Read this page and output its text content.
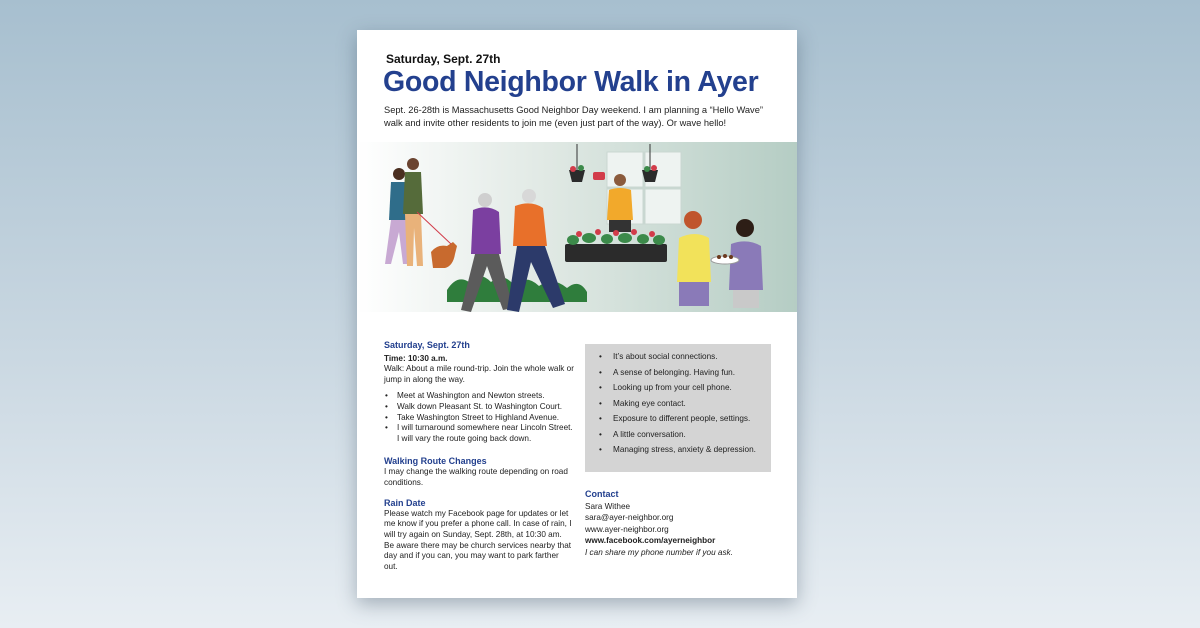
Saturday, Sept. 27th
Good Neighbor Walk in Ayer
Sept. 26-28th is Massachusetts Good Neighbor Day weekend. I am planning a “Hello Wave” walk and invite other residents to join me (even just part of the way). Or wave hello!
Saturday, Sept. 27th
Time: 10:30 a.m.
Walk: About a mile round-trip. Join the whole walk or jump in along the way.
• Meet at Washington and Newton streets.
• Walk down Pleasant St. to Washington Court.
• Take Washington Street to Highland Avenue.
• I will turnaround somewhere near Lincoln Street. I will vary the route going back down.
Walking Route Changes
I may change the walking route depending on road conditions.
Rain Date
Please watch my Facebook page for updates or let me know if you prefer a phone call. In case of rain, I will try again on Sunday, Sept. 28th, at 10:30 am. Be aware there may be church services nearby that day and if you can, you may want to park farther out.
• It’s about social connections.
• A sense of belonging. Having fun.
• Looking up from your cell phone.
• Making eye contact.
• Exposure to different people, settings.
• A little conversation.
• Managing stress, anxiety & depression.
Contact
Sara Withee
sara@ayer-neighbor.org
www.ayer-neighbor.org
www.facebook.com/ayerneighbor
I can share my phone number if you ask.
